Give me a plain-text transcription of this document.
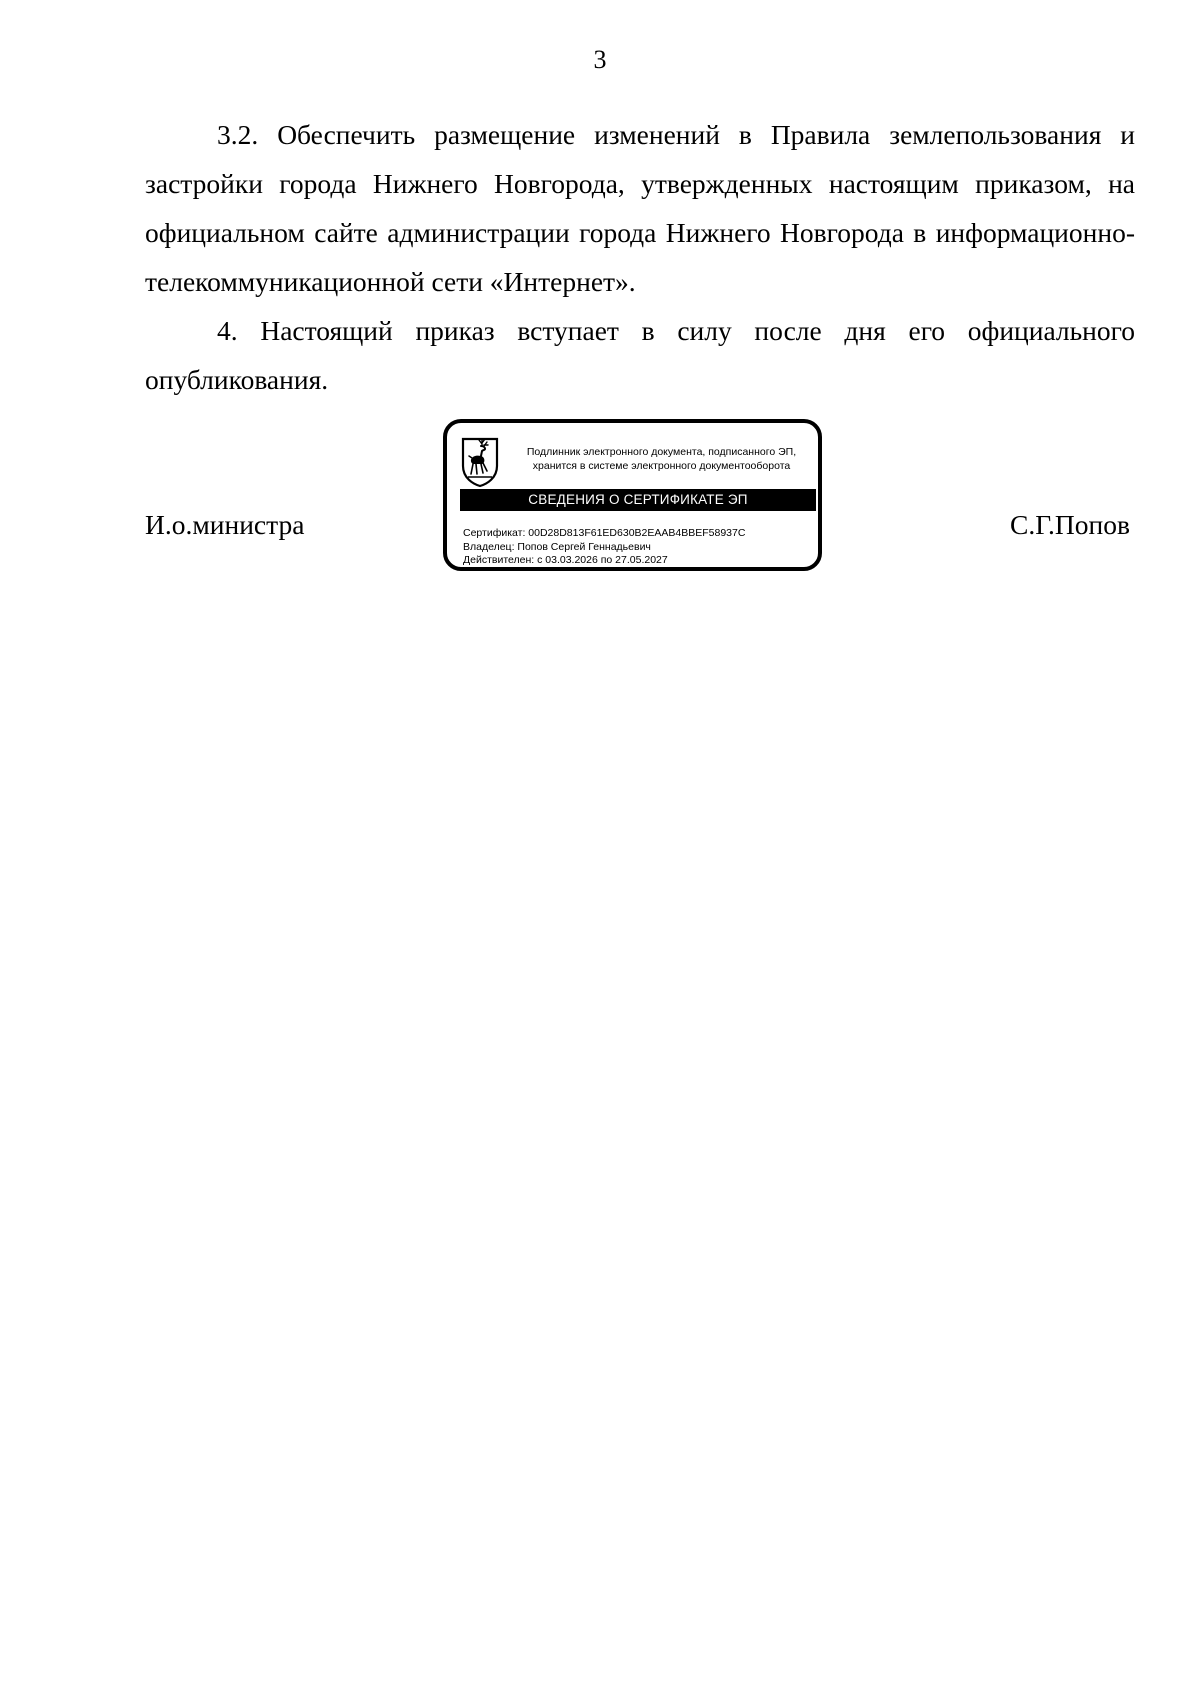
3

3.2. Обеспечить размещение изменений в Правила землепользования и застройки города Нижнего Новгорода, утвержденных настоящим приказом, на официальном сайте администрации города Нижнего Новгорода в информационно-телекоммуникационной сети «Интернет».

4. Настоящий приказ вступает в силу после дня его официального опубликования.

И.о.министра	С.Г.Попов
Подлинник электронного документа, подписанного ЭП,
хранится в системе электронного документооборота
СВЕДЕНИЯ О СЕРТИФИКАТЕ ЭП
Сертификат: 00D28D813F61ED630B2EAAB4BBEF58937C
Владелец: Попов Сергей Геннадьевич
Действителен: с 03.03.2026 по 27.05.2027
